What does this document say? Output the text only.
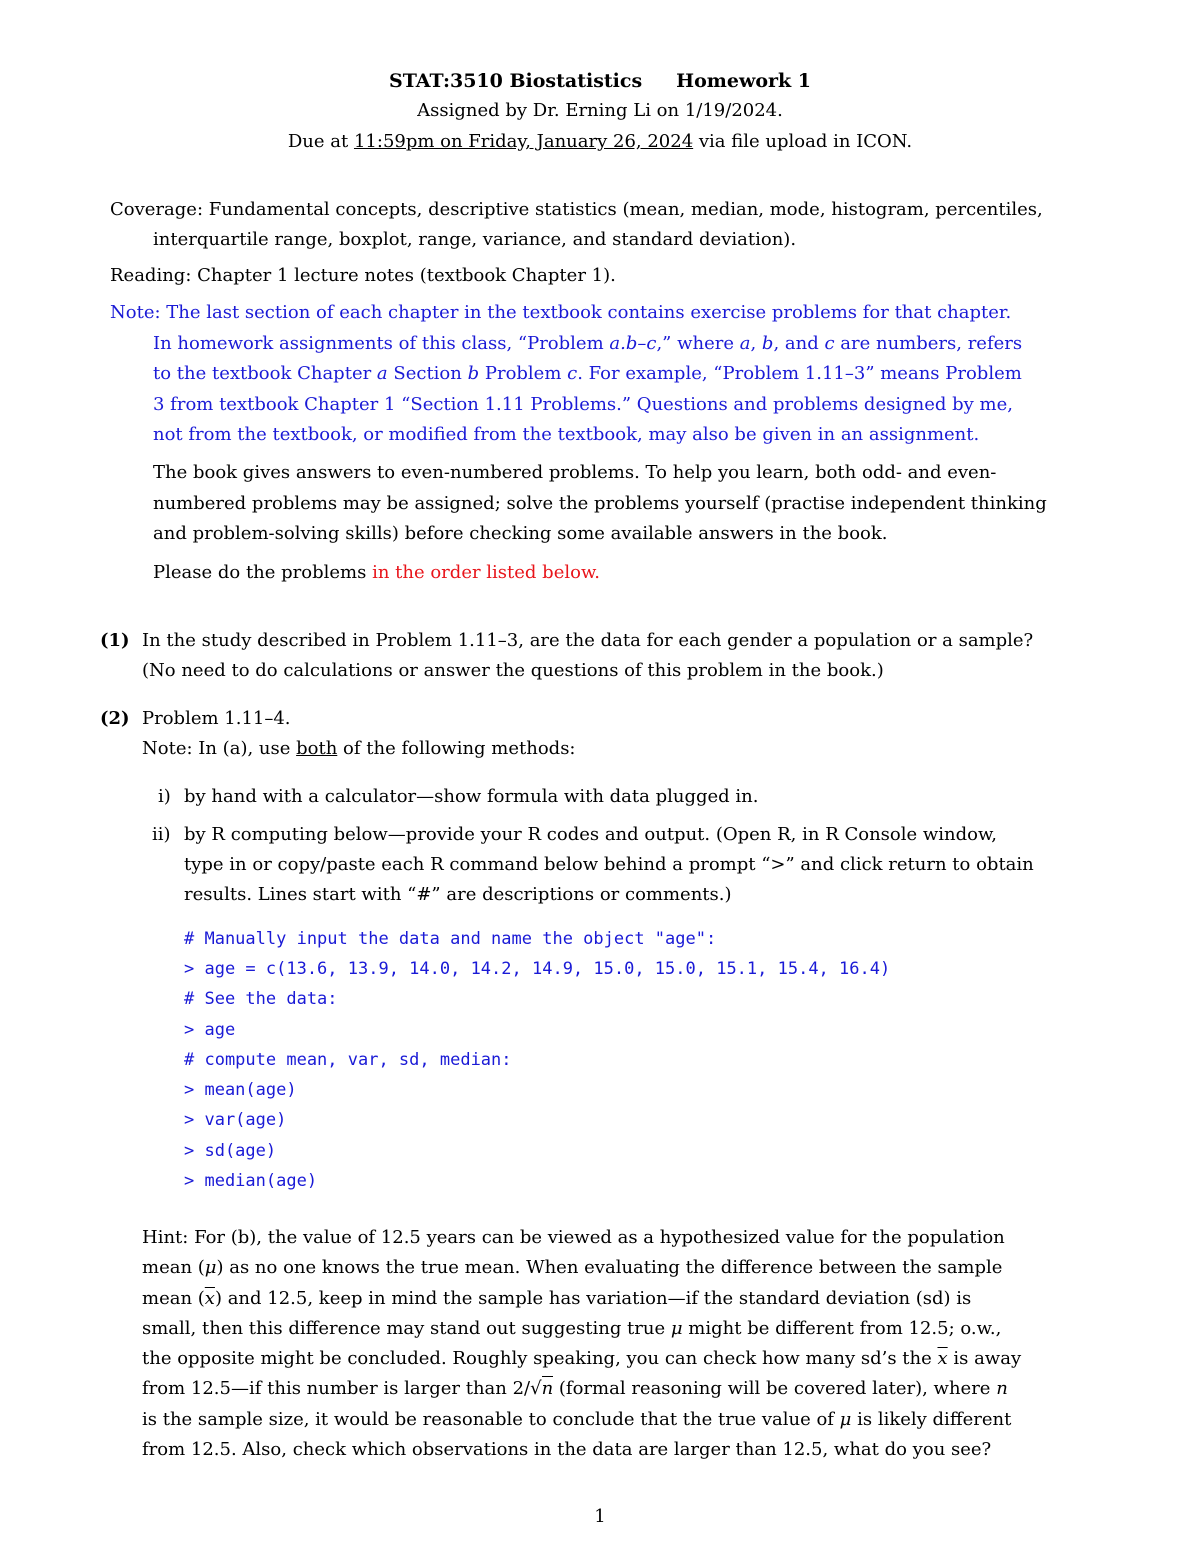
STAT:3510 Biostatistics Homework 1
Assigned by Dr. Erning Li on 1/19/2024.
Due at 11:59pm on Friday, January 26, 2024 via file upload in ICON.
Coverage: Fundamental concepts, descriptive statistics (mean, median, mode, histogram, percentiles,
interquartile range, boxplot, range, variance, and standard deviation).
Reading: Chapter 1 lecture notes (textbook Chapter 1).
Note: The last section of each chapter in the textbook contains exercise problems for that chapter.
In homework assignments of this class, “Problem a.b–c,” where a, b, and c are numbers, refers
to the textbook Chapter a Section b Problem c. For example, “Problem 1.11–3” means Problem
3 from textbook Chapter 1 “Section 1.11 Problems.” Questions and problems designed by me,
not from the textbook, or modified from the textbook, may also be given in an assignment.
The book gives answers to even-numbered problems. To help you learn, both odd- and even-
numbered problems may be assigned; solve the problems yourself (practise independent thinking
and problem-solving skills) before checking some available answers in the book.
Please do the problems in the order listed below.
(1) In the study described in Problem 1.11–3, are the data for each gender a population or a sample?
(No need to do calculations or answer the questions of this problem in the book.)
(2) Problem 1.11–4.
Note: In (a), use both of the following methods:
i) by hand with a calculator—show formula with data plugged in.
ii) by R computing below—provide your R codes and output. (Open R, in R Console window,
type in or copy/paste each R command below behind a prompt “>” and click return to obtain
results. Lines start with “#” are descriptions or comments.)
# Manually input the data and name the object "age":
> age = c(13.6, 13.9, 14.0, 14.2, 14.9, 15.0, 15.0, 15.1, 15.4, 16.4)
# See the data:
> age
# compute mean, var, sd, median:
> mean(age)
> var(age)
> sd(age)
> median(age)
Hint: For (b), the value of 12.5 years can be viewed as a hypothesized value for the population
mean (μ) as no one knows the true mean. When evaluating the difference between the sample
mean $(\overline{x})$ and 12.5, keep in mind the sample has variation—if the standard deviation (sd) is
small, then this difference may stand out suggesting true μ might be different from 12.5; o.w.,
the opposite might be concluded. Roughly speaking, you can check how many sd’s the $\overline{x}$ is away
from 12.5—if this number is larger than 2/√n (formal reasoning will be covered later), where n
is the sample size, it would be reasonable to conclude that the true value of μ is likely different
from 12.5. Also, check which observations in the data are larger than 12.5, what do you see?
1
